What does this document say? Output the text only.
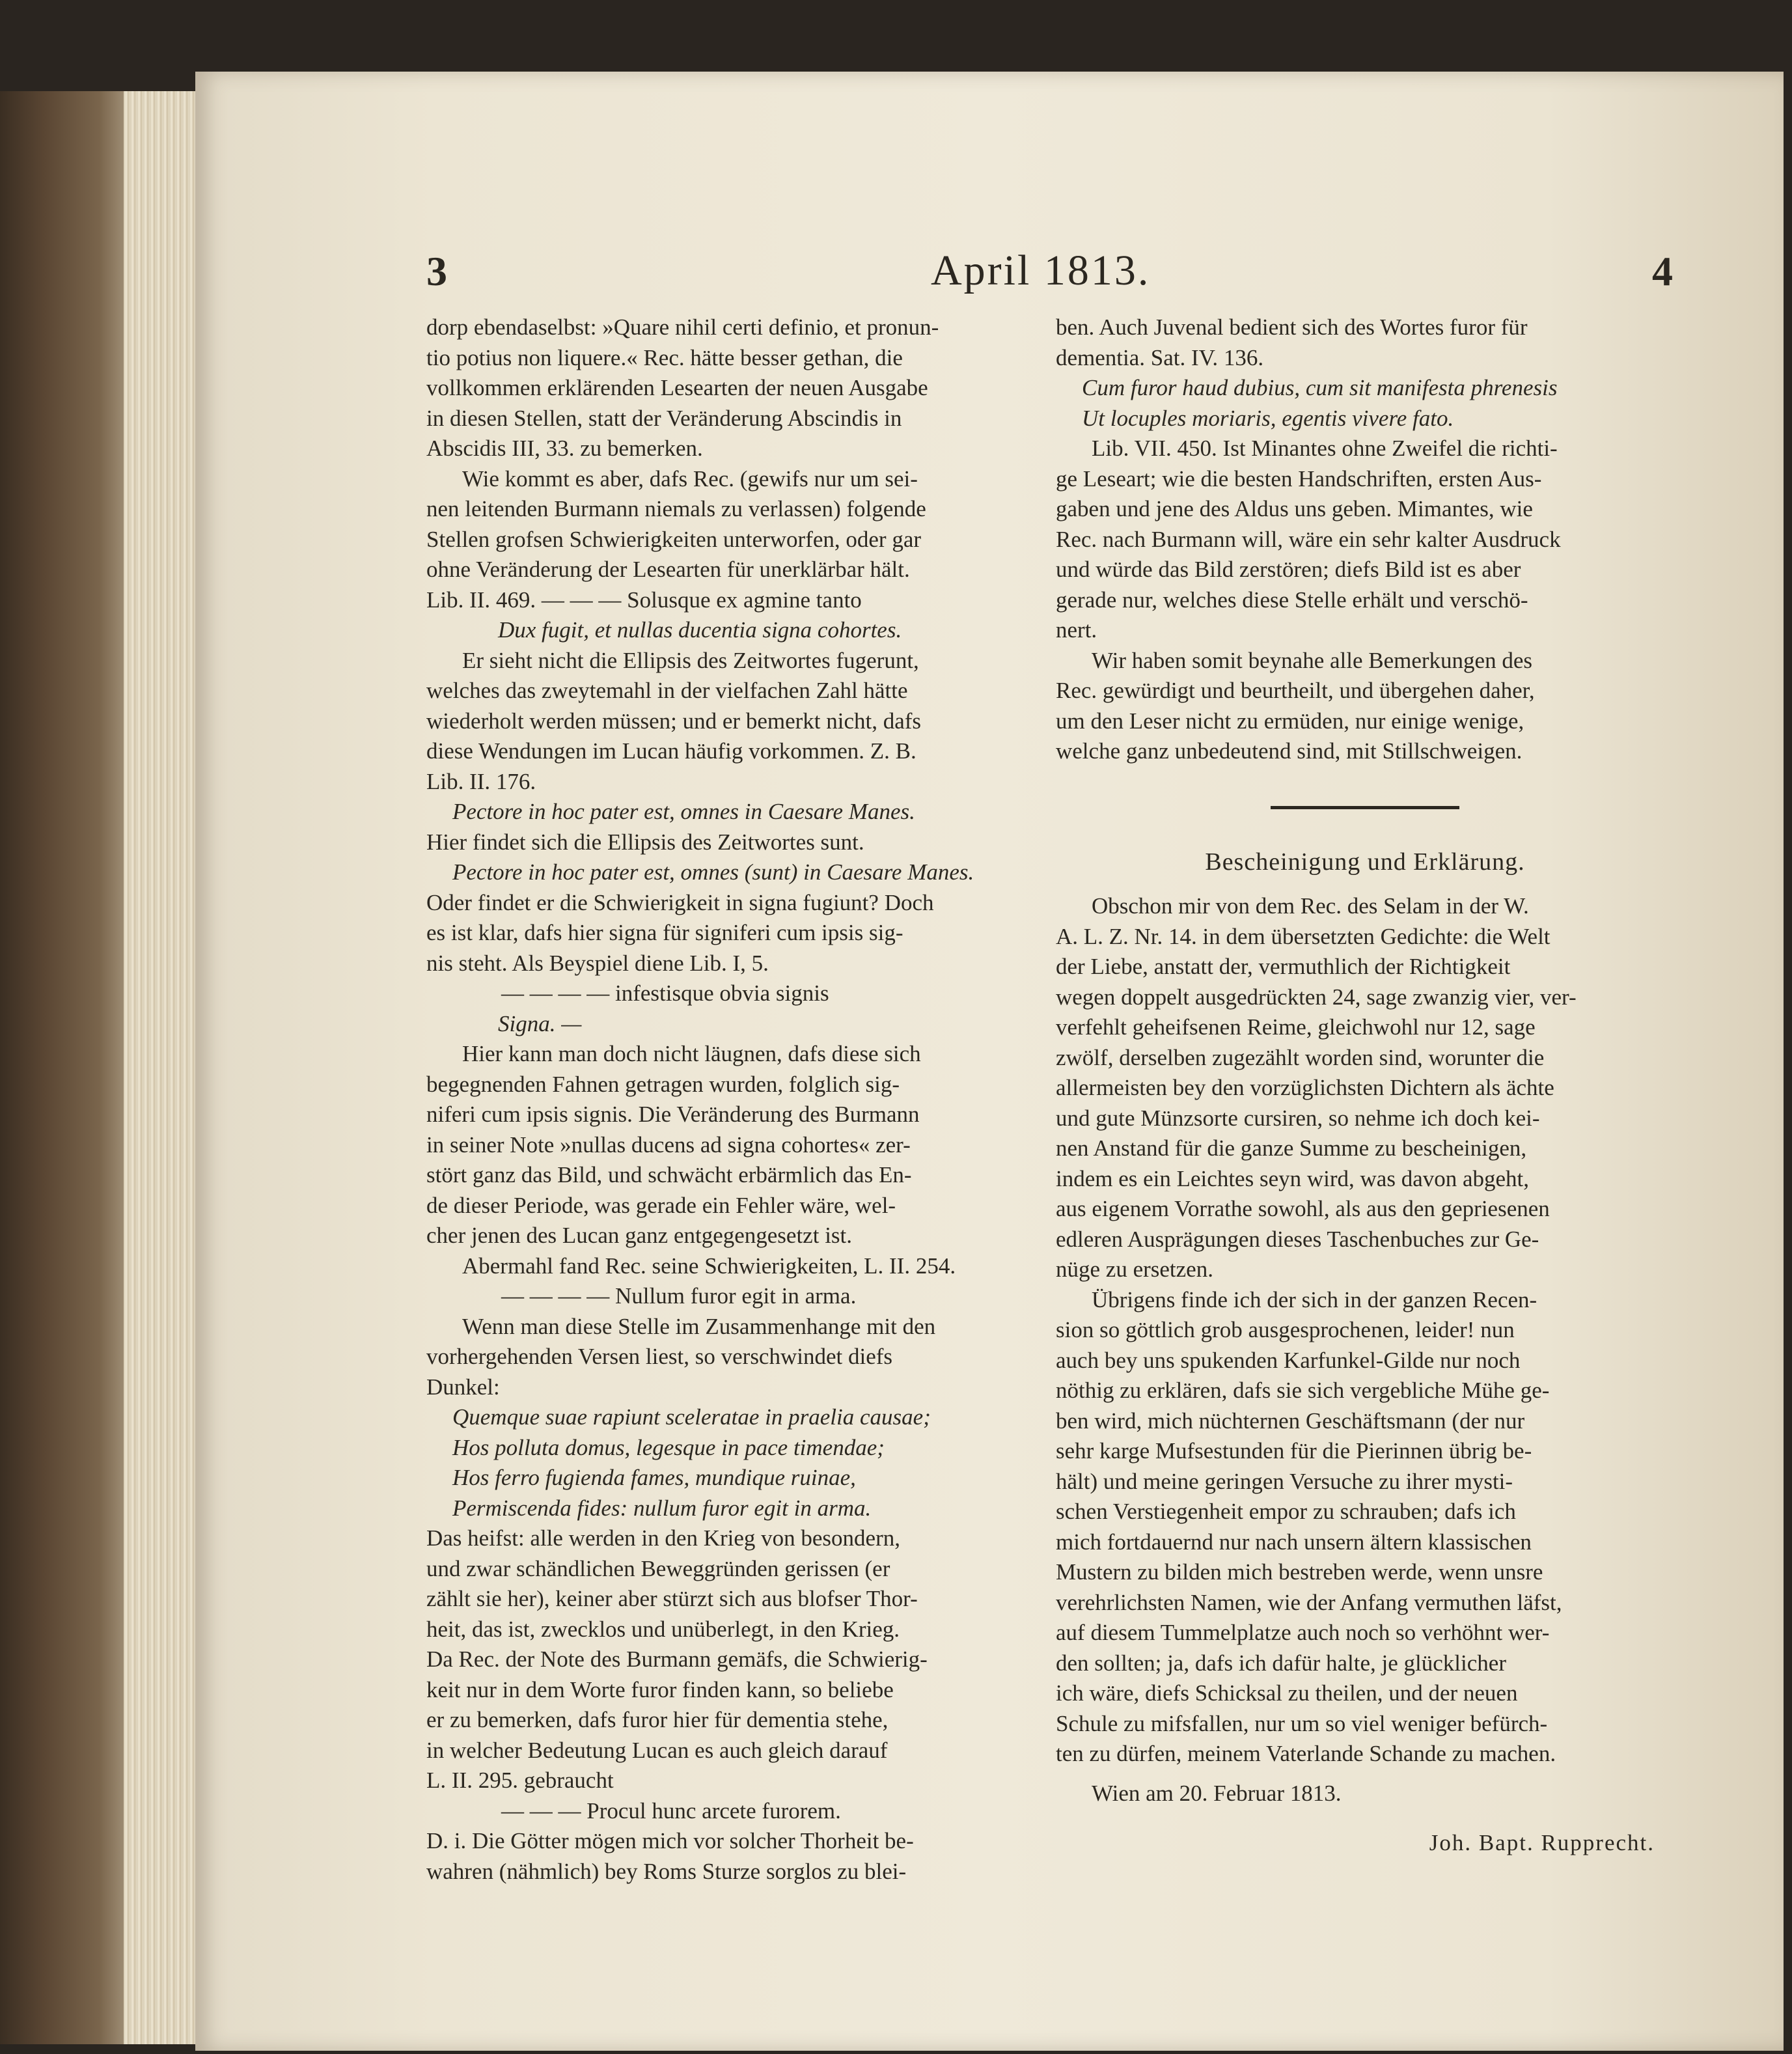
3	April 1813.	4
dorp ebendaselbst: »Quare nihil certi definio, et pronun-
tio potius non liquere.« Rec. hätte besser gethan, die
vollkommen erklärenden Lesearten der neuen Ausgabe
in diesen Stellen, statt der Veränderung Abscindis in
Abscidis III, 33. zu bemerken.
Wie kommt es aber, dafs Rec. (gewifs nur um sei-
nen leitenden Burmann niemals zu verlassen) folgende
Stellen grofsen Schwierigkeiten unterworfen, oder gar
ohne Veränderung der Lesearten für unerklärbar hält.
Lib. II. 469. — — — Solusque ex agmine tanto
Dux fugit, et nullas ducentia signa cohortes.
Er sieht nicht die Ellipsis des Zeitwortes fugerunt,
welches das zweytemahl in der vielfachen Zahl hätte
wiederholt werden müssen; und er bemerkt nicht, dafs
diese Wendungen im Lucan häufig vorkommen. Z. B.
Lib. II. 176.
Pectore in hoc pater est, omnes in Caesare Manes.
Hier findet sich die Ellipsis des Zeitwortes sunt.
Pectore in hoc pater est, omnes (sunt) in Caesare Manes.
Oder findet er die Schwierigkeit in signa fugiunt? Doch
es ist klar, dafs hier signa für signiferi cum ipsis sig-
nis steht. Als Beyspiel diene Lib. I, 5.
— — — — infestisque obvia signis
Signa. —
Hier kann man doch nicht läugnen, dafs diese sich
begegnenden Fahnen getragen wurden, folglich sig-
niferi cum ipsis signis. Die Veränderung des Burmann
in seiner Note »nullas ducens ad signa cohortes« zer-
stört ganz das Bild, und schwächt erbärmlich das En-
de dieser Periode, was gerade ein Fehler wäre, wel-
cher jenen des Lucan ganz entgegengesetzt ist.
Abermahl fand Rec. seine Schwierigkeiten, L. II. 254.
— — — — Nullum furor egit in arma.
Wenn man diese Stelle im Zusammenhange mit den
vorhergehenden Versen liest, so verschwindet diefs
Dunkel:
Quemque suae rapiunt sceleratae in praelia causae;
Hos polluta domus, legesque in pace timendae;
Hos ferro fugienda fames, mundique ruinae,
Permiscenda fides: nullum furor egit in arma.
Das heifst: alle werden in den Krieg von besondern,
und zwar schändlichen Beweggründen gerissen (er
zählt sie her), keiner aber stürzt sich aus blofser Thor-
heit, das ist, zwecklos und unüberlegt, in den Krieg.
Da Rec. der Note des Burmann gemäfs, die Schwierig-
keit nur in dem Worte furor finden kann, so beliebe
er zu bemerken, dafs furor hier für dementia stehe,
in welcher Bedeutung Lucan es auch gleich darauf
L. II. 295. gebraucht
— — — Procul hunc arcete furorem.
D. i. Die Götter mögen mich vor solcher Thorheit be-
wahren (nähmlich) bey Roms Sturze sorglos zu blei-
ben. Auch Juvenal bedient sich des Wortes furor für
dementia. Sat. IV. 136.
Cum furor haud dubius, cum sit manifesta phrenesis
Ut locuples moriaris, egentis vivere fato.
Lib. VII. 450. Ist Minantes ohne Zweifel die richti-
ge Leseart; wie die besten Handschriften, ersten Aus-
gaben und jene des Aldus uns geben. Mimantes, wie
Rec. nach Burmann will, wäre ein sehr kalter Ausdruck
und würde das Bild zerstören; diefs Bild ist es aber
gerade nur, welches diese Stelle erhält und verschö-
nert.
Wir haben somit beynahe alle Bemerkungen des
Rec. gewürdigt und beurtheilt, und übergehen daher,
um den Leser nicht zu ermüden, nur einige wenige,
welche ganz unbedeutend sind, mit Stillschweigen.
Bescheinigung und Erklärung.
Obschon mir von dem Rec. des Selam in der W.
A. L. Z. Nr. 14. in dem übersetzten Gedichte: die Welt
der Liebe, anstatt der, vermuthlich der Richtigkeit
wegen doppelt ausgedrückten 24, sage zwanzig vier, ver-
verfehlt geheifsenen Reime, gleichwohl nur 12, sage
zwölf, derselben zugezählt worden sind, worunter die
allermeisten bey den vorzüglichsten Dichtern als ächte
und gute Münzsorte cursiren, so nehme ich doch kei-
nen Anstand für die ganze Summe zu bescheinigen,
indem es ein Leichtes seyn wird, was davon abgeht,
aus eigenem Vorrathe sowohl, als aus den gepriesenen
edleren Ausprägungen dieses Taschenbuches zur Ge-
nüge zu ersetzen.
Übrigens finde ich der sich in der ganzen Recen-
sion so göttlich grob ausgesprochenen, leider! nun
auch bey uns spukenden Karfunkel-Gilde nur noch
nöthig zu erklären, dafs sie sich vergebliche Mühe ge-
ben wird, mich nüchternen Geschäftsmann (der nur
sehr karge Mufsestunden für die Pierinnen übrig be-
hält) und meine geringen Versuche zu ihrer mysti-
schen Verstiegenheit empor zu schrauben; dafs ich
mich fortdauernd nur nach unsern ältern klassischen
Mustern zu bilden mich bestreben werde, wenn unsre
verehrlichsten Namen, wie der Anfang vermuthen läfst,
auf diesem Tummelplatze auch noch so verhöhnt wer-
den sollten; ja, dafs ich dafür halte, je glücklicher
ich wäre, diefs Schicksal zu theilen, und der neuen
Schule zu mifsfallen, nur um so viel weniger befürch-
ten zu dürfen, meinem Vaterlande Schande zu machen.
Wien am 20. Februar 1813.
Joh. Bapt. Rupprecht.
